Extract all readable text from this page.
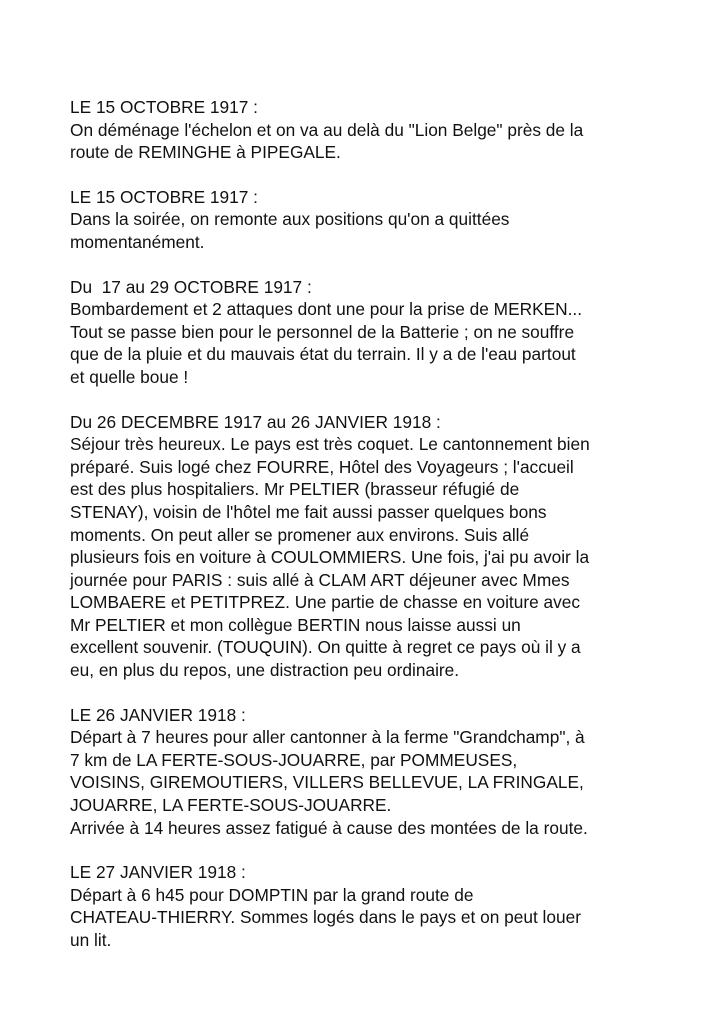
LE 15 OCTOBRE 1917 :
On déménage l'échelon et on va au delà du "Lion Belge" près de la
route de REMINGHE à PIPEGALE.
LE 15 OCTOBRE 1917 :
Dans la soirée, on remonte aux positions qu'on a quittées
momentanément.
Du  17 au 29 OCTOBRE 1917 :
Bombardement et 2 attaques dont une pour la prise de MERKEN...
Tout se passe bien pour le personnel de la Batterie ; on ne souffre
que de la pluie et du mauvais état du terrain. Il y a de l'eau partout
et quelle boue !
Du 26 DECEMBRE 1917 au 26 JANVIER 1918 :
Séjour très heureux. Le pays est très coquet. Le cantonnement bien
préparé. Suis logé chez FOURRE, Hôtel des Voyageurs ; l'accueil
est des plus hospitaliers. Mr PELTIER (brasseur réfugié de
STENAY), voisin de l'hôtel me fait aussi passer quelques bons
moments. On peut aller se promener aux environs. Suis allé
plusieurs fois en voiture à COULOMMIERS. Une fois, j'ai pu avoir la
journée pour PARIS : suis allé à CLAM ART déjeuner avec Mmes
LOMBAERE et PETITPREZ. Une partie de chasse en voiture avec
Mr PELTIER et mon collègue BERTIN nous laisse aussi un
excellent souvenir. (TOUQUIN). On quitte à regret ce pays où il y a
eu, en plus du repos, une distraction peu ordinaire.
LE 26 JANVIER 1918 :
Départ à 7 heures pour aller cantonner à la ferme "Grandchamp", à
7 km de LA FERTE-SOUS-JOUARRE, par POMMEUSES,
VOISINS, GIREMOUTIERS, VILLERS BELLEVUE, LA FRINGALE,
JOUARRE, LA FERTE-SOUS-JOUARRE.
Arrivée à 14 heures assez fatigué à cause des montées de la route.
LE 27 JANVIER 1918 :
Départ à 6 h45 pour DOMPTIN par la grand route de
CHATEAU-THIERRY. Sommes logés dans le pays et on peut louer
un lit.
